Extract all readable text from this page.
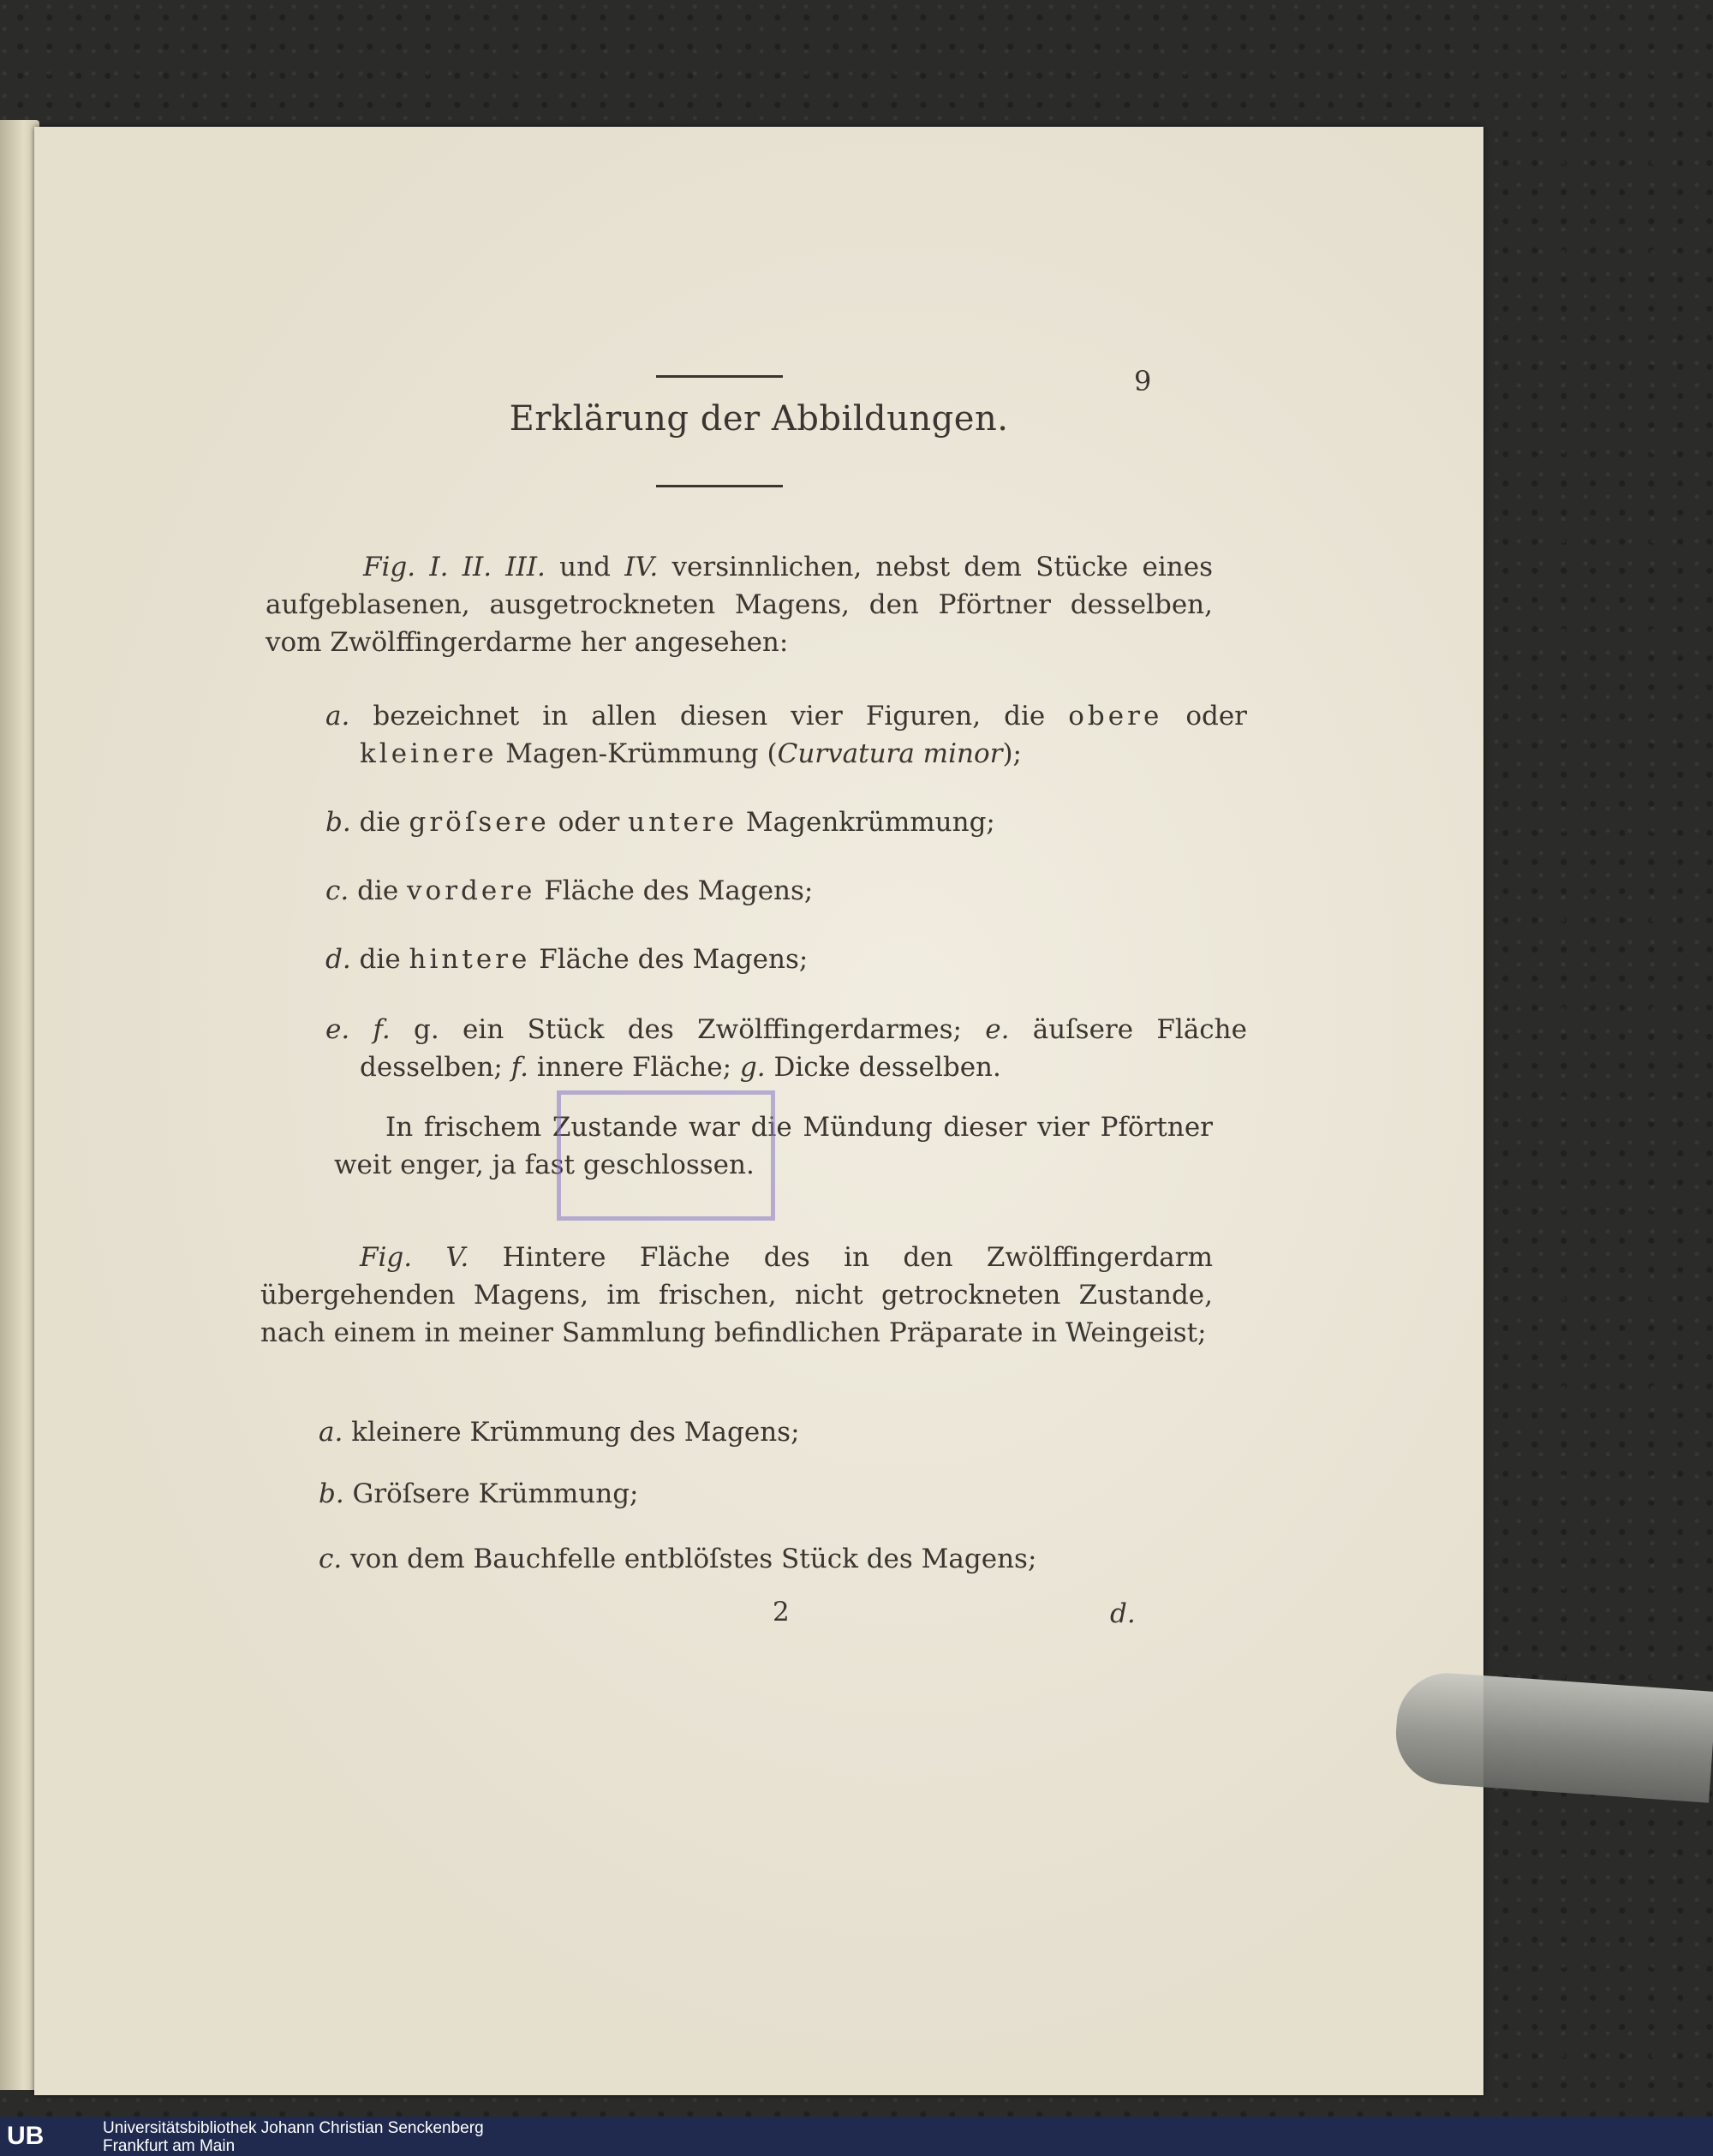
9
Erklärung der Abbildungen.
Fig. I. II. III. und IV. versinnlichen, nebst dem Stücke eines aufgeblasenen, ausgetrockneten Magens, den Pförtner desselben, vom Zwölffingerdarme her angesehen:
a. bezeichnet in allen diesen vier Figuren, die obere oder kleinere Magen-Krümmung (Curvatura minor);
b. die gröſsere oder untere Magenkrümmung;
c. die vordere Fläche des Magens;
d. die hintere Fläche des Magens;
e. f. g. ein Stück des Zwölffingerdarmes; e. äuſsere Fläche desselben; f. innere Fläche; g. Dicke desselben.
In frischem Zustande war die Mündung dieser vier Pförtner weit enger, ja fast geschlossen.
Fig. V. Hintere Fläche des in den Zwölffingerdarm übergehenden Magens, im frischen, nicht getrockneten Zustande, nach einem in meiner Sammlung befindlichen Präparate in Weingeist;
a. kleinere Krümmung des Magens;
b. Gröſsere Krümmung;
c. von dem Bauchfelle entblöſstes Stück des Magens;
2	d.
UB	Universitätsbibliothek Johann Christian Senckenberg
Frankfurt am Main
